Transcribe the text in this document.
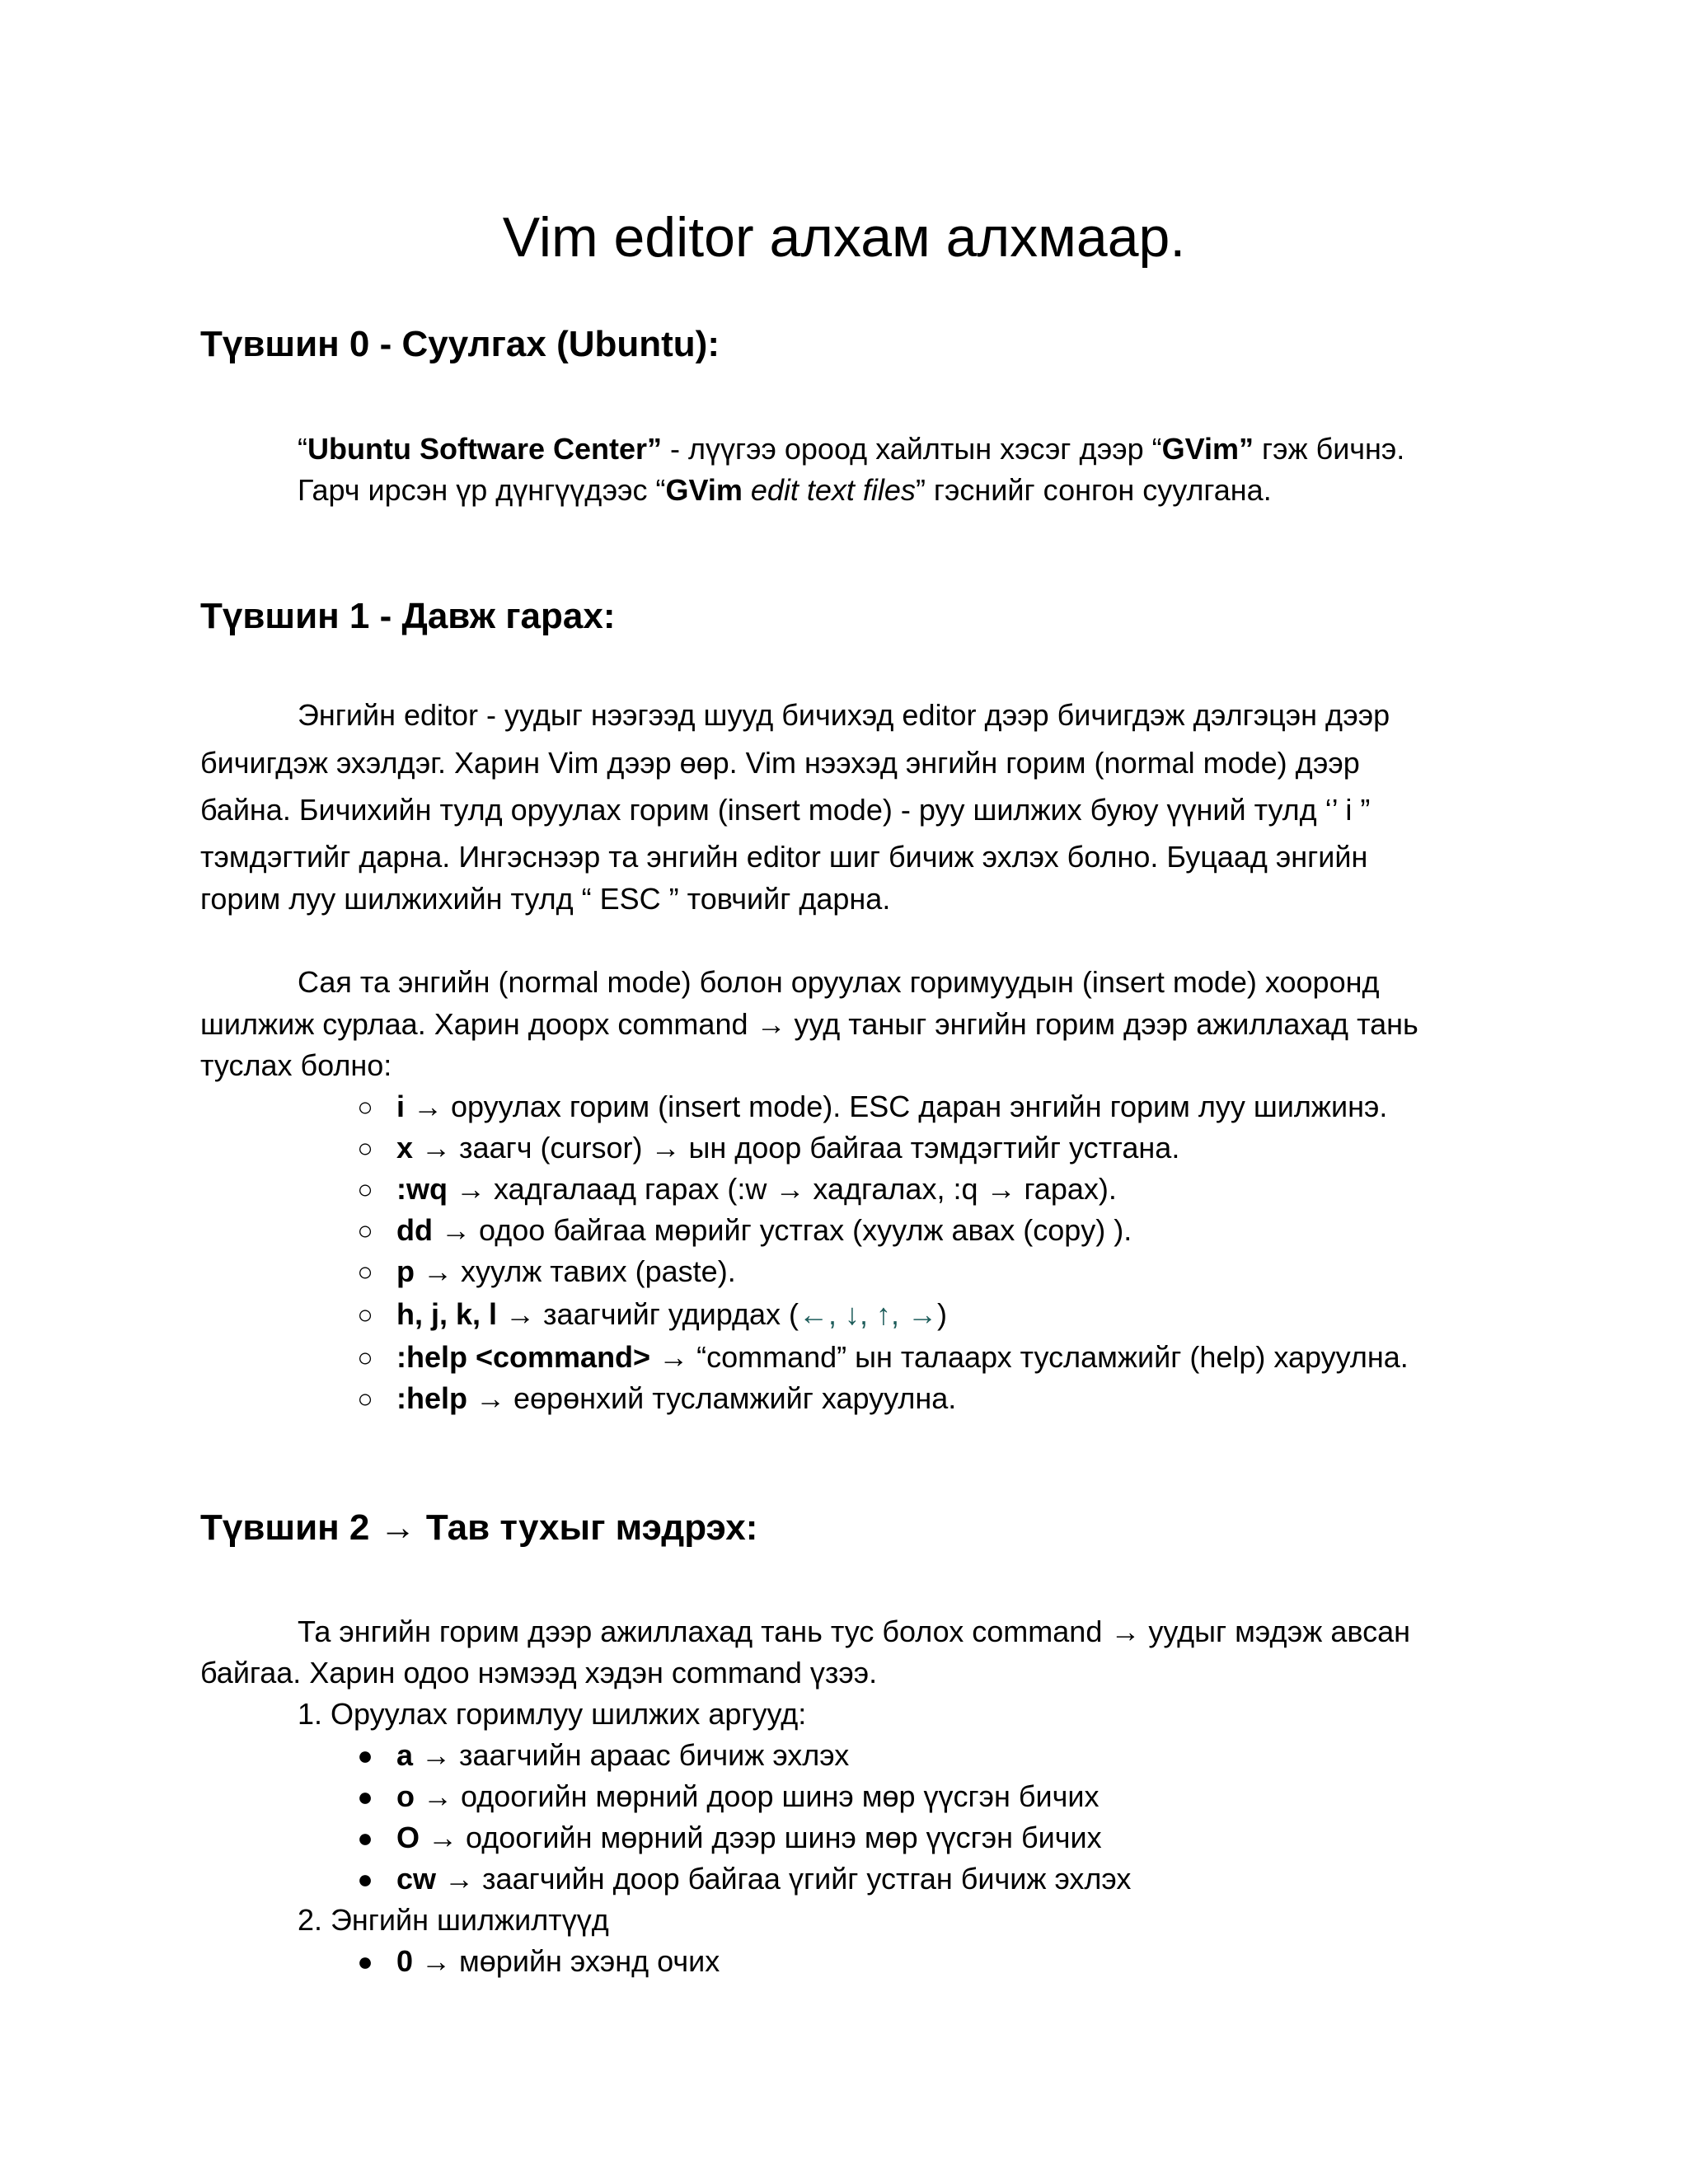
Vim editor алхам алхмаар.
Түвшин 0 - Суулгах (Ubuntu):
“Ubuntu Software Center” - лүүгээ ороод хайлтын хэсэг дээр “GVim” гэж бичнэ.
Гарч ирсэн үр дүнгүүдээс “GVim edit text files” гэснийг сонгон суулгана.
Түвшин 1 - Давж гарах:
Энгийн editor - уудыг нээгээд шууд бичихэд editor дээр бичигдэж дэлгэцэн дээр
бичигдэж эхэлдэг. Харин Vim дээр өөр. Vim нээхэд энгийн горим (normal mode) дээр
байна. Бичихийн тулд оруулах горим (insert mode) - руу шилжих буюу үүний тулд ‘’ i ”
тэмдэгтийг дарна. Ингэснээр та энгийн editor шиг бичиж эхлэх болно. Буцаад энгийн
горим луу шилжихийн тулд “ ESC ” товчийг дарна.
Сая та энгийн (normal mode) болон оруулах горимуудын (insert mode) хооронд
шилжиж сурлаа. Харин доорх command → ууд таныг энгийн горим дээр ажиллахад тань
туслах болно:
○ i → оруулах горим (insert mode). ESC даран энгийн горим луу шилжинэ.
○ x → заагч (cursor) → ын доор байгаа тэмдэгтийг устгана.
○ :wq → хадгалаад гарах (:w → хадгалах, :q → гарах).
○ dd → одоо байгаа мөрийг устгах (хуулж авах (copy) ).
○ p → хуулж тавих (paste).
○ h, j, k, l → заагчийг удирдах (←, ↓, ↑, →)
○ :help <command> → “command” ын талаарх тусламжийг (help) харуулна.
○ :help → еөрөнхий тусламжийг харуулна.
Түвшин 2 → Тав тухыг мэдрэх:
Та энгийн горим дээр ажиллахад тань тус болох command → уудыг мэдэж авсан
байгаа. Харин одоо нэмээд хэдэн command үзээ.
1. Оруулах горимлуу шилжих аргууд:
● a → заагчийн араас бичиж эхлэх
● o → одоогийн мөрний доор шинэ мөр үүсгэн бичих
● O → одоогийн мөрний дээр шинэ мөр үүсгэн бичих
● cw → заагчийн доор байгаа үгийг устган бичиж эхлэх
2. Энгийн шилжилтүүд
● 0 → мөрийн эхэнд очих
